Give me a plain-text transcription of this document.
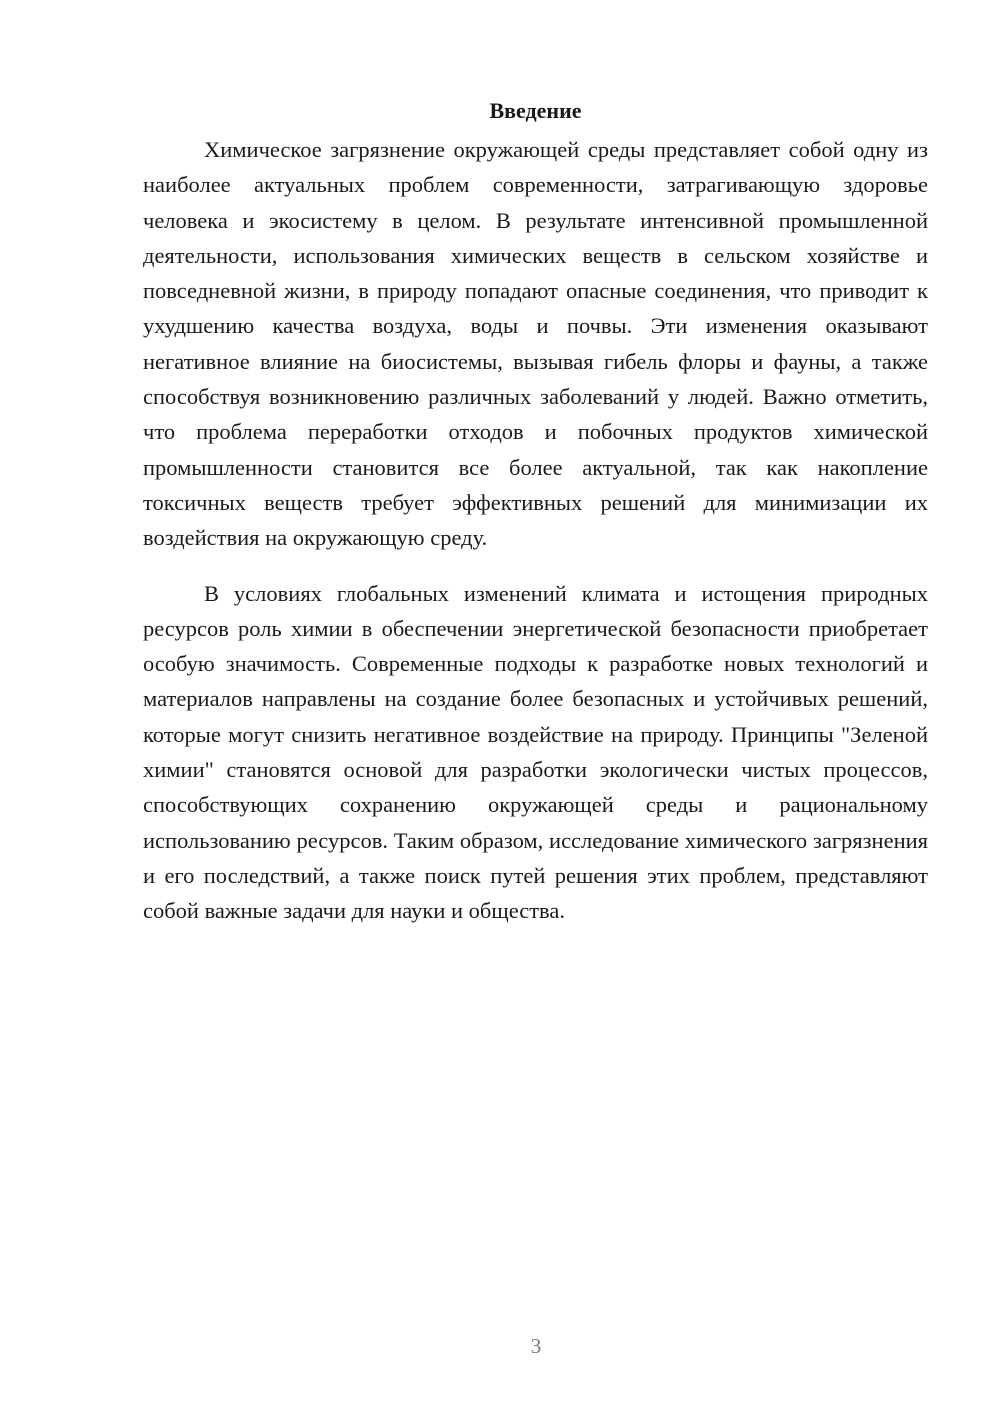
Введение

Химическое загрязнение окружающей среды представляет собой одну из наиболее актуальных проблем современности, затрагивающую здоровье человека и экосистему в целом. В результате интенсивной промышленной деятельности, использования химических веществ в сельском хозяйстве и повседневной жизни, в природу попадают опасные соединения, что приводит к ухудшению качества воздуха, воды и почвы. Эти изменения оказывают негативное влияние на биосистемы, вызывая гибель флоры и фауны, а также способствуя возникновению различных заболеваний у людей. Важно отметить, что проблема переработки отходов и побочных продуктов химической промышленности становится все более актуальной, так как накопление токсичных веществ требует эффективных решений для минимизации их воздействия на окружающую среду.

В условиях глобальных изменений климата и истощения природных ресурсов роль химии в обеспечении энергетической безопасности приобретает особую значимость. Современные подходы к разработке новых технологий и материалов направлены на создание более безопасных и устойчивых решений, которые могут снизить негативное воздействие на природу. Принципы "Зеленой химии" становятся основой для разработки экологически чистых процессов, способствующих сохранению окружающей среды и рациональному использованию ресурсов. Таким образом, исследование химического загрязнения и его последствий, а также поиск путей решения этих проблем, представляют собой важные задачи для науки и общества.

3
